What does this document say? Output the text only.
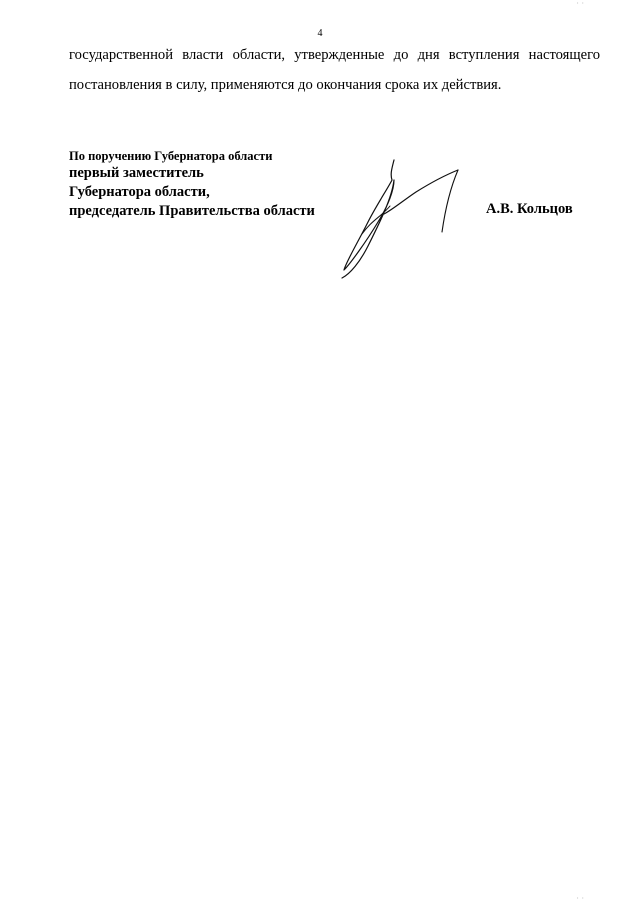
· ·
4
государственной власти области, утвержденные до дня вступления настоящего
постановления в силу, применяются до окончания срока их действия.
По поручению Губернатора области
первый заместитель
Губернатора области,
председатель Правительства области	А.В. Кольцов
· ·
